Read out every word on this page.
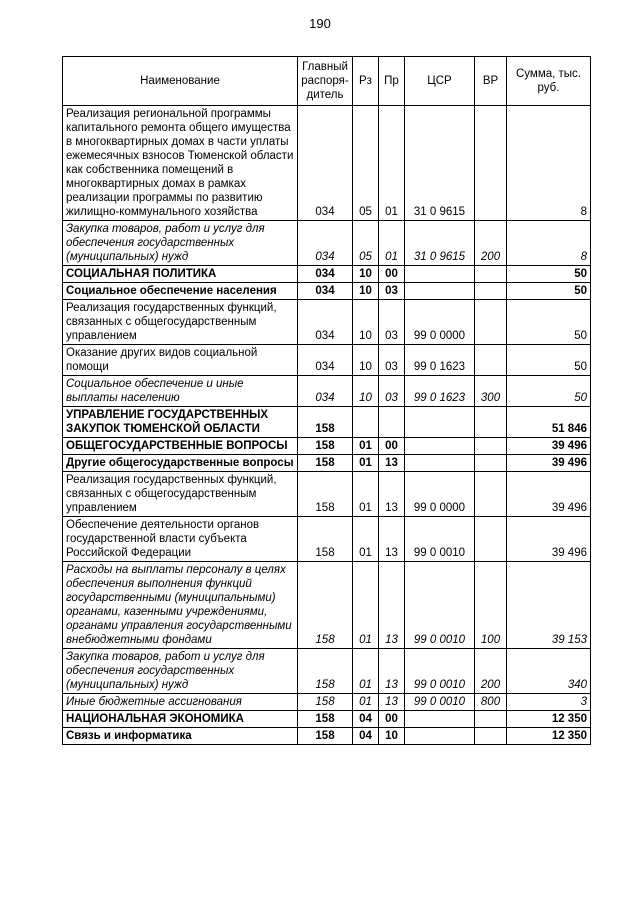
190
Наименование	Главный распоря-дитель	Рз	Пр	ЦСР	ВР	Сумма, тыс. руб.
Реализация региональной программы капитального ремонта общего имущества в многоквартирных домах в части уплаты ежемесячных взносов Тюменской области как собственника помещений в многоквартирных домах в рамках реализации программы по развитию жилищно-коммунального хозяйства	034	05	01	31 0 9615		8
Закупка товаров, работ и услуг для обеспечения государственных (муниципальных) нужд	034	05	01	31 0 9615	200	8
СОЦИАЛЬНАЯ ПОЛИТИКА	034	10	00			50
Социальное обеспечение населения	034	10	03			50
Реализация государственных функций, связанных с общегосударственным управлением	034	10	03	99 0 0000		50
Оказание других видов социальной помощи	034	10	03	99 0 1623		50
Социальное обеспечение и иные выплаты населению	034	10	03	99 0 1623	300	50
УПРАВЛЕНИЕ ГОСУДАРСТВЕННЫХ ЗАКУПОК ТЮМЕНСКОЙ ОБЛАСТИ	158					51 846
ОБЩЕГОСУДАРСТВЕННЫЕ ВОПРОСЫ	158	01	00			39 496
Другие общегосударственные вопросы	158	01	13			39 496
Реализация государственных функций, связанных с общегосударственным управлением	158	01	13	99 0 0000		39 496
Обеспечение деятельности органов государственной власти субъекта Российской Федерации	158	01	13	99 0 0010		39 496
Расходы на выплаты персоналу в целях обеспечения выполнения функций государственными (муниципальными) органами, казенными учреждениями, органами управления государственными внебюджетными фондами	158	01	13	99 0 0010	100	39 153
Закупка товаров, работ и услуг для обеспечения государственных (муниципальных) нужд	158	01	13	99 0 0010	200	340
Иные бюджетные ассигнования	158	01	13	99 0 0010	800	3
НАЦИОНАЛЬНАЯ ЭКОНОМИКА	158	04	00			12 350
Связь и информатика	158	04	10			12 350
